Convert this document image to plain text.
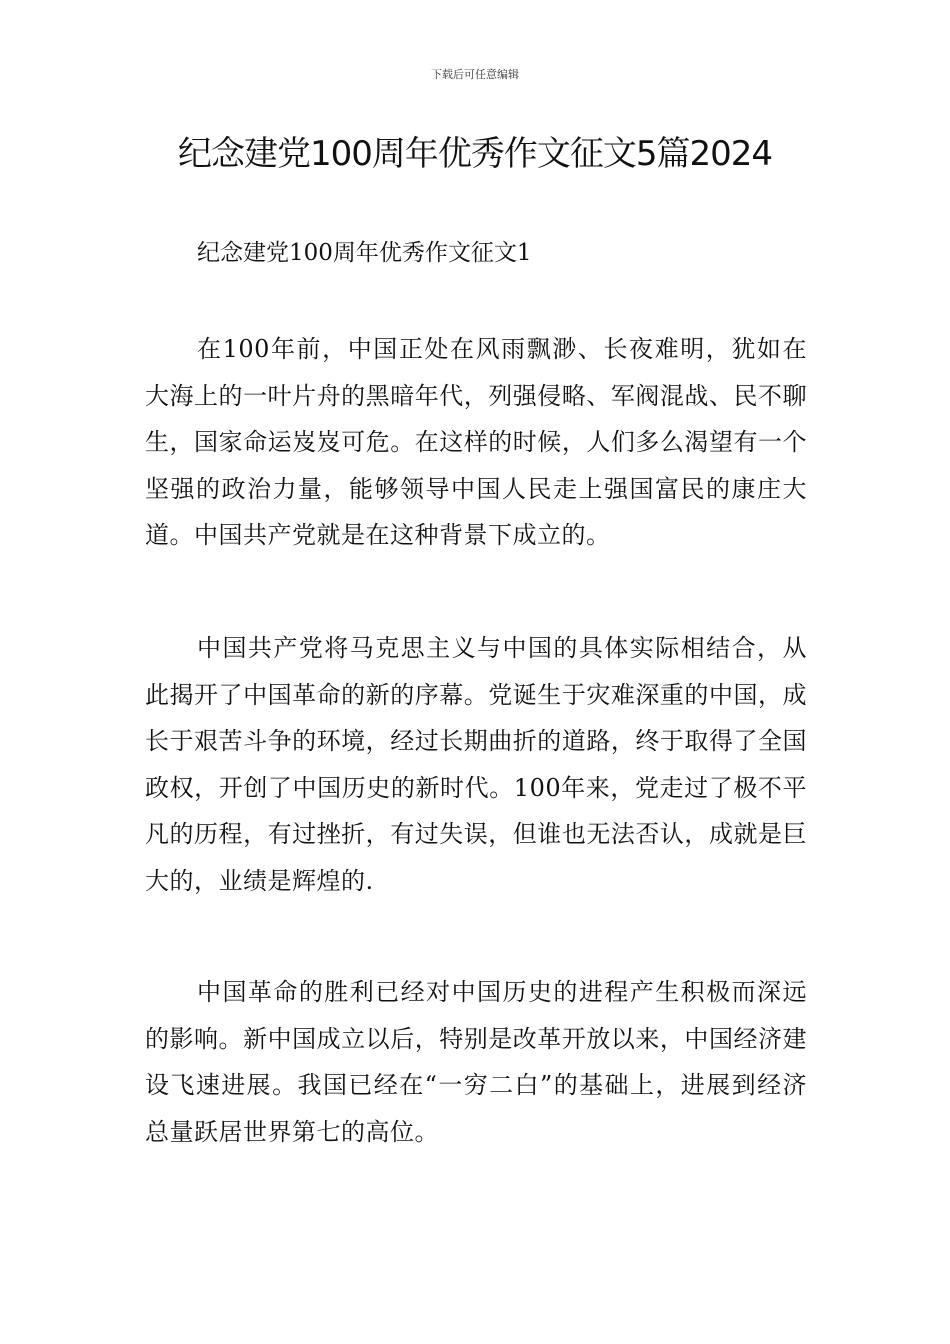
下载后可任意编辑
纪念建党100周年优秀作文征文5篇2024
纪念建党100周年优秀作文征文1

在100年前，中国正处在风雨飘渺、长夜难明，犹如在大海上的一叶片舟的黑暗年代，列强侵略、军阀混战、民不聊生，国家命运岌岌可危。在这样的时候，人们多么渴望有一个坚强的政治力量，能够领导中国人民走上强国富民的康庄大道。中国共产党就是在这种背景下成立的。

中国共产党将马克思主义与中国的具体实际相结合，从此揭开了中国革命的新的序幕。党诞生于灾难深重的中国，成长于艰苦斗争的环境，经过长期曲折的道路，终于取得了全国政权，开创了中国历史的新时代。100年来，党走过了极不平凡的历程，有过挫折，有过失误，但谁也无法否认，成就是巨大的，业绩是辉煌的.

中国革命的胜利已经对中国历史的进程产生积极而深远的影响。新中国成立以后，特别是改革开放以来，中国经济建设飞速进展。我国已经在“一穷二白”的基础上，进展到经济总量跃居世界第七的高位。
